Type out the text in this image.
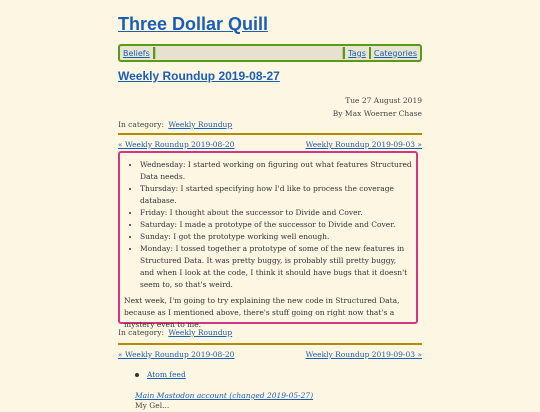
Three Dollar Quill
Beliefs	Tags	Categories
Weekly Roundup 2019-08-27
Tue 27 August 2019
By Max Woerner Chase
In category: Weekly Roundup
« Weekly Roundup 2019-08-20	Weekly Roundup 2019-09-03 »
• Wednesday: I started working on figuring out what features Structured Data needs.
• Thursday: I started specifying how I'd like to process the coverage database.
• Friday: I thought about the successor to Divide and Cover.
• Saturday: I made a prototype of the successor to Divide and Cover.
• Sunday: I got the prototype working well enough.
• Monday: I tossed together a prototype of some of the new features in Structured Data. It was pretty buggy, is probably still pretty buggy, and when I look at the code, I think it should have bugs that it doesn't seem to, so that's weird.

Next week, I'm going to try explaining the new code in Structured Data, because as I mentioned above, there's stuff going on right now that's a mystery even to me.

In category: Weekly Roundup
« Weekly Roundup 2019-08-20	Weekly Roundup 2019-09-03 »
Atom feed
Main Mastodon account (changed 2019-05-27)
My Gel...
